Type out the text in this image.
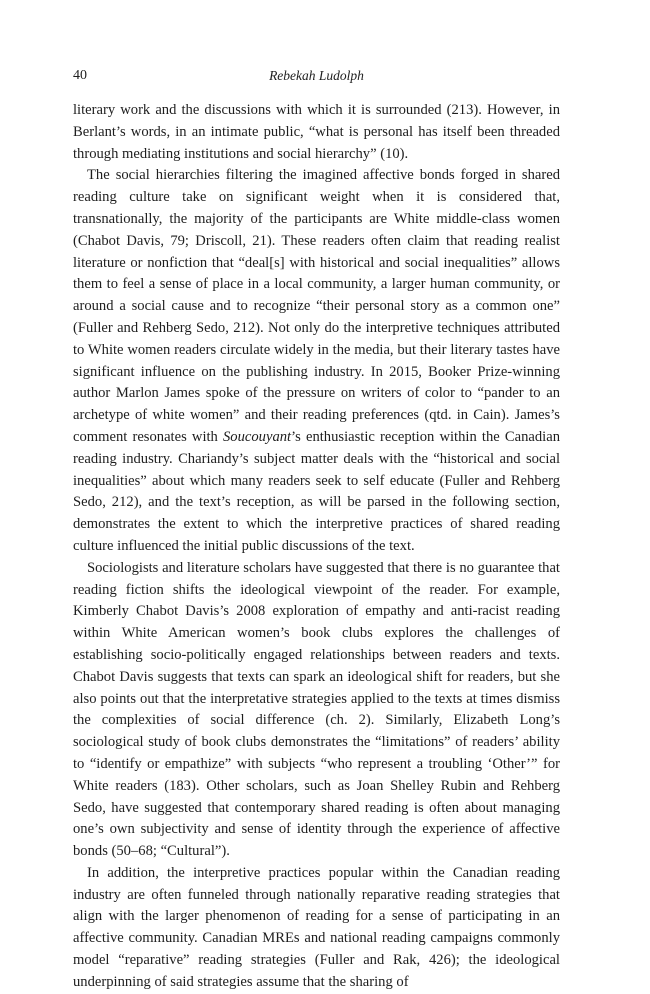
40	Rebekah Ludolph

literary work and the discussions with which it is surrounded (213). However, in Berlant’s words, in an intimate public, “what is personal has itself been threaded through mediating institutions and social hierarchy” (10).

The social hierarchies filtering the imagined affective bonds forged in shared reading culture take on significant weight when it is considered that, transnationally, the majority of the participants are White middle-class women (Chabot Davis, 79; Driscoll, 21). These readers often claim that reading realist literature or nonfiction that “deal[s] with historical and social inequalities” allows them to feel a sense of place in a local community, a larger human community, or around a social cause and to recognize “their personal story as a common one” (Fuller and Rehberg Sedo, 212). Not only do the interpretive techniques attributed to White women readers circulate widely in the media, but their literary tastes have significant influence on the publishing industry. In 2015, Booker Prize-winning author Marlon James spoke of the pressure on writers of color to “pander to an archetype of white women” and their reading preferences (qtd. in Cain). James’s comment resonates with Soucouyant’s enthusiastic reception within the Canadian reading industry. Chariandy’s subject matter deals with the “historical and social inequalities” about which many readers seek to self educate (Fuller and Rehberg Sedo, 212), and the text’s reception, as will be parsed in the following section, demonstrates the extent to which the interpretive practices of shared reading culture influenced the initial public discussions of the text.

Sociologists and literature scholars have suggested that there is no guarantee that reading fiction shifts the ideological viewpoint of the reader. For example, Kimberly Chabot Davis’s 2008 exploration of empathy and anti-racist reading within White American women’s book clubs explores the challenges of establishing socio-politically engaged relationships between readers and texts. Chabot Davis suggests that texts can spark an ideological shift for readers, but she also points out that the interpretative strategies applied to the texts at times dismiss the complexities of social difference (ch. 2). Similarly, Elizabeth Long’s sociological study of book clubs demonstrates the “limitations” of readers’ ability to “identify or empathize” with subjects “who represent a troubling ‘Other’” for White readers (183). Other scholars, such as Joan Shelley Rubin and Rehberg Sedo, have suggested that contemporary shared reading is often about managing one’s own subjectivity and sense of identity through the experience of affective bonds (50–68; “Cultural”).

In addition, the interpretive practices popular within the Canadian reading industry are often funneled through nationally reparative reading strategies that align with the larger phenomenon of reading for a sense of participating in an affective community. Canadian MREs and national reading campaigns commonly model “reparative” reading strategies (Fuller and Rak, 426); the ideological underpinning of said strategies assume that the sharing of
